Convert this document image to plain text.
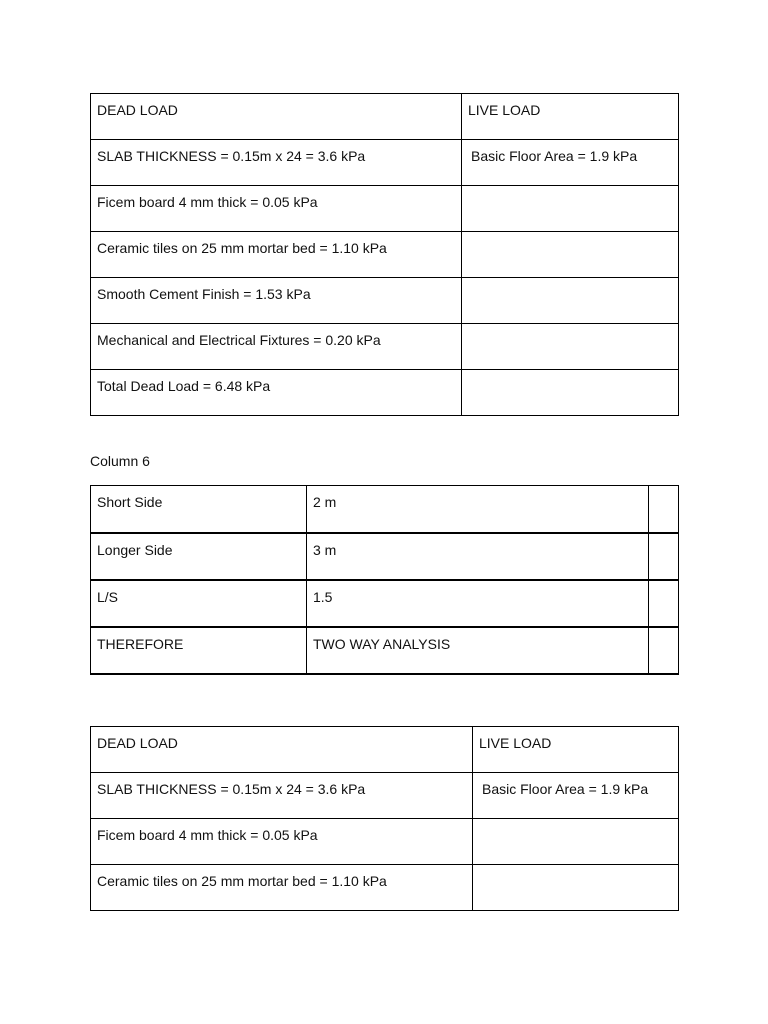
DEAD LOAD	LIVE LOAD
SLAB THICKNESS = 0.15m x 24 = 3.6 kPa	Basic Floor Area = 1.9 kPa
Ficem board 4 mm thick = 0.05 kPa	
Ceramic tiles on 25 mm mortar bed = 1.10 kPa	
Smooth Cement Finish = 1.53 kPa	
Mechanical and Electrical Fixtures = 0.20 kPa	
Total Dead Load = 6.48 kPa	

Column 6

Short Side	2 m	
Longer Side	3 m	
L/S	1.5	
THEREFORE	TWO WAY ANALYSIS	
DEAD LOAD	LIVE LOAD
SLAB THICKNESS = 0.15m x 24 = 3.6 kPa	Basic Floor Area = 1.9 kPa
Ficem board 4 mm thick = 0.05 kPa	
Ceramic tiles on 25 mm mortar bed = 1.10 kPa	
